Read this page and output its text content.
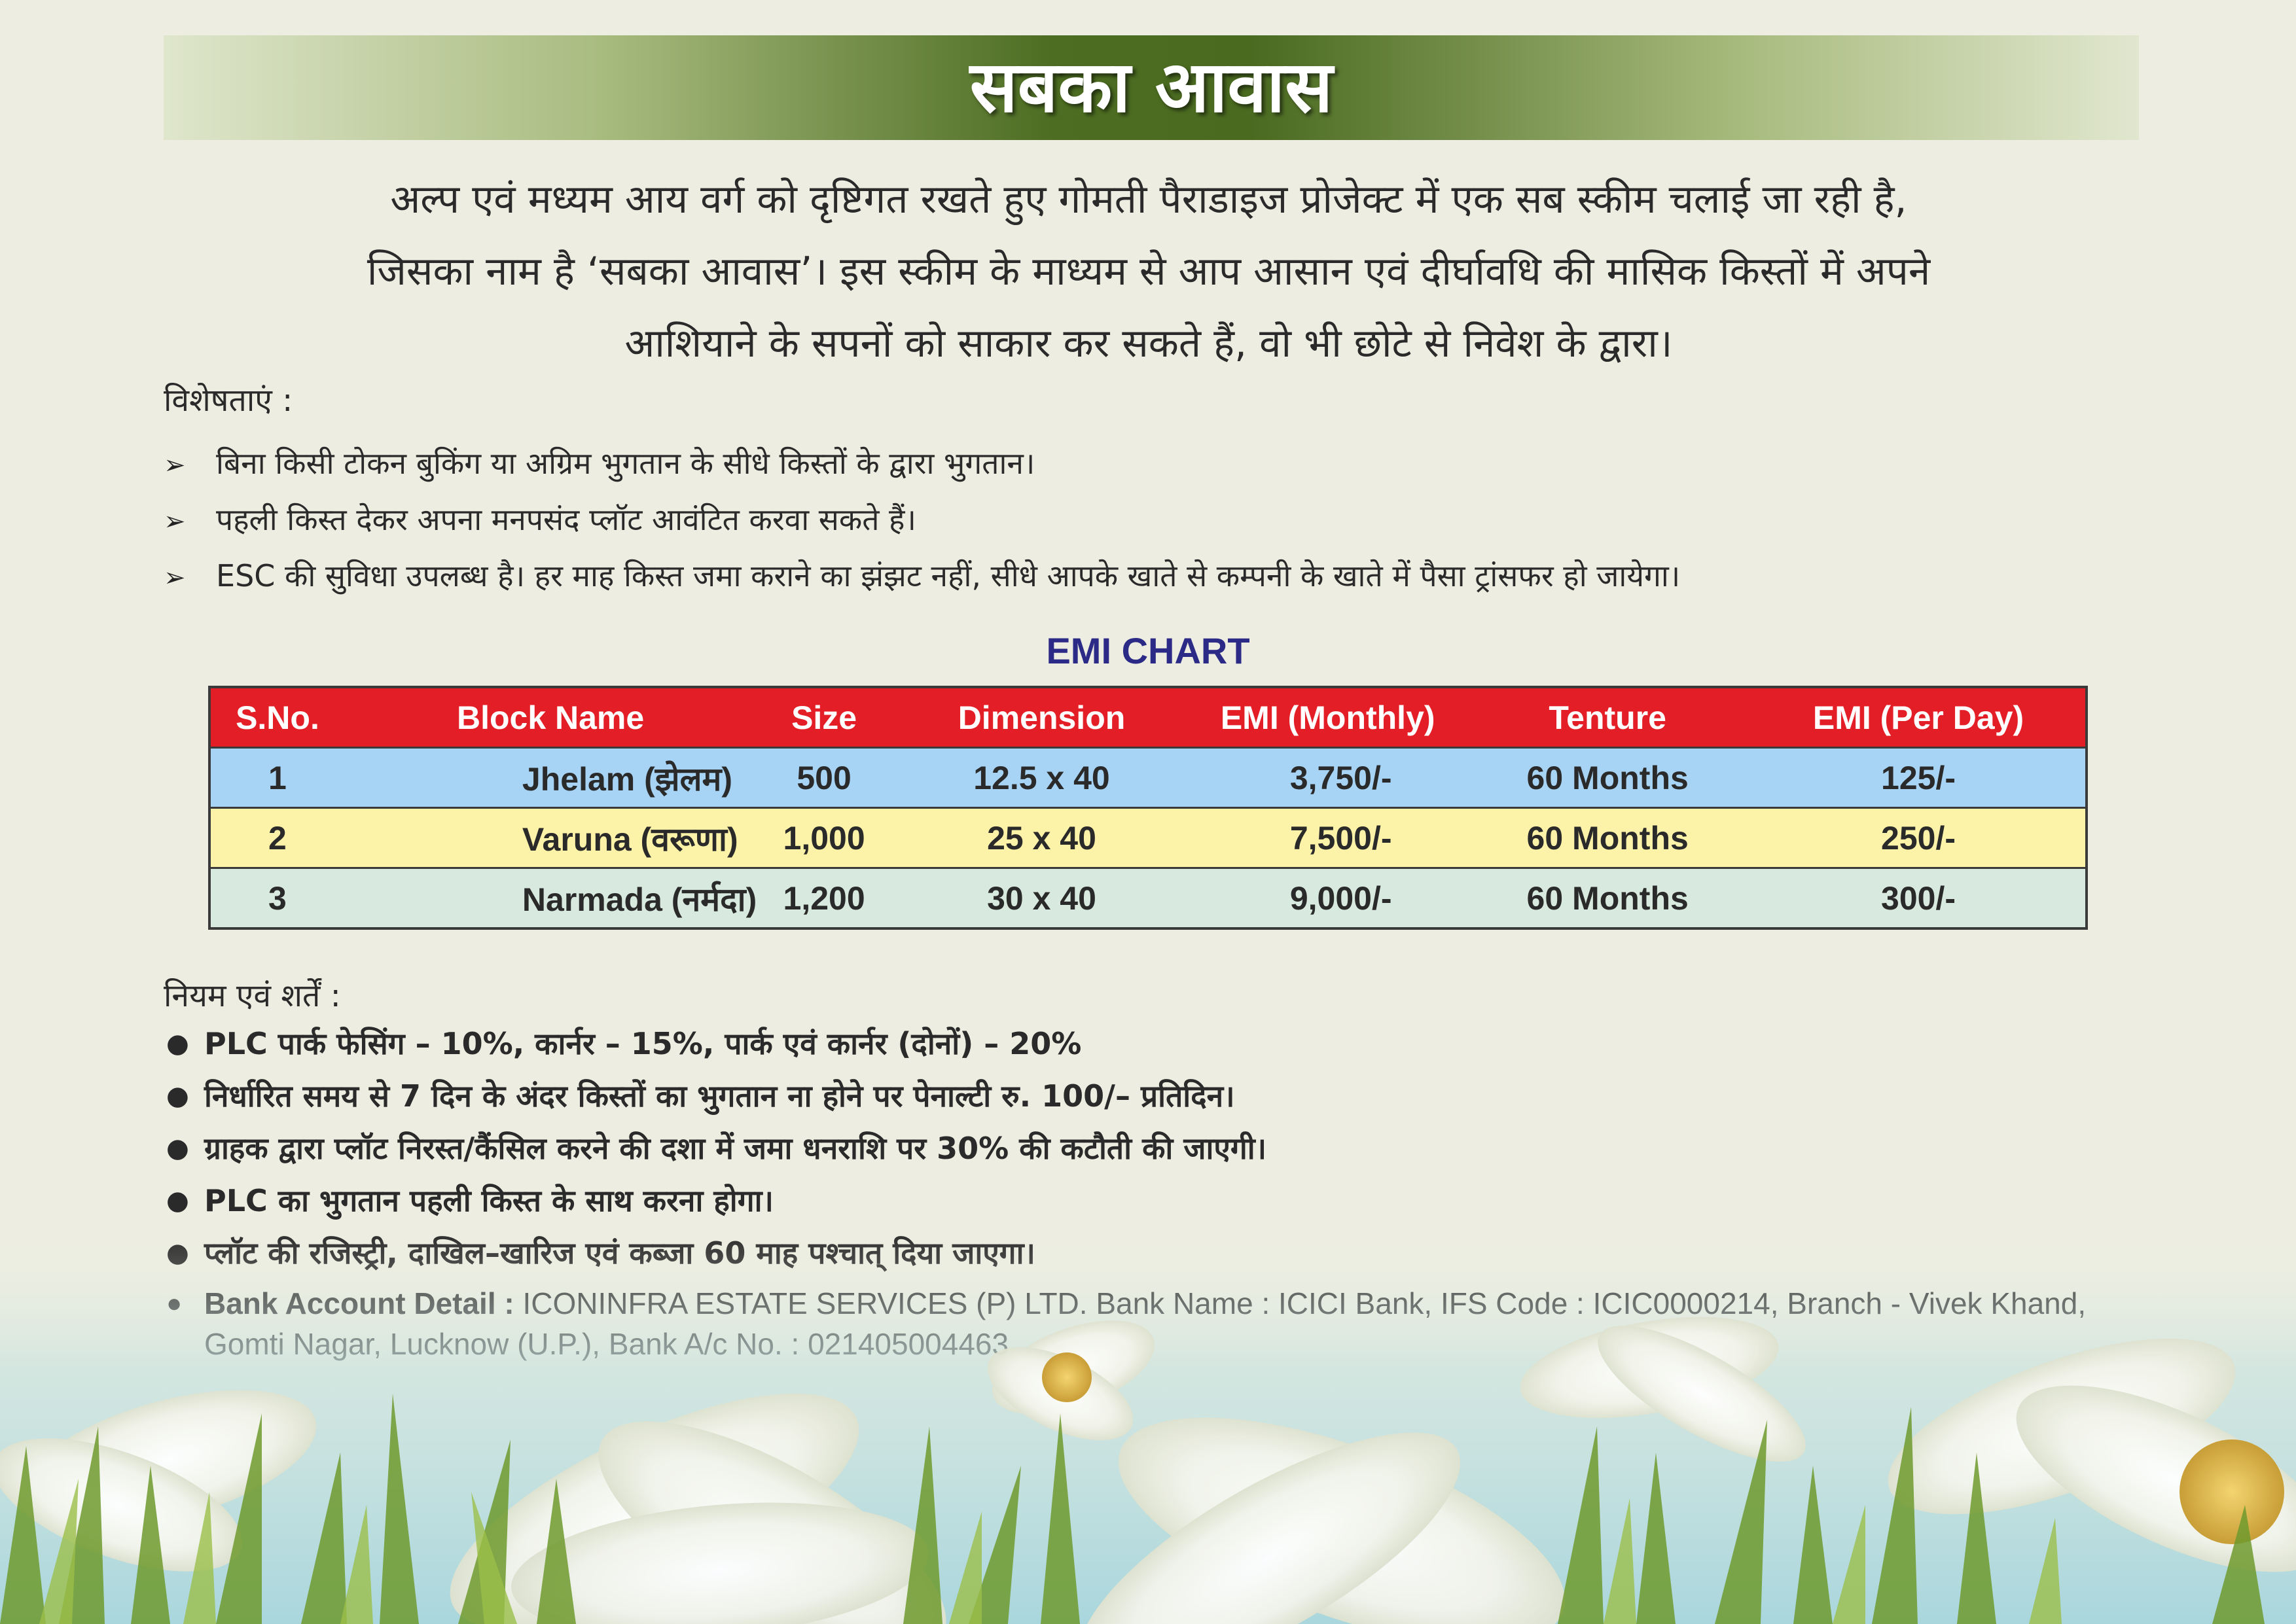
सबका आवास
अल्प एवं मध्यम आय वर्ग को दृष्टिगत रखते हुए गोमती पैराडाइज प्रोजेक्ट में एक सब स्कीम चलाई जा रही है,
जिसका नाम है ‘सबका आवास’। इस स्कीम के माध्यम से आप आसान एवं दीर्घावधि की मासिक किस्तों में अपने
आशियाने के सपनों को साकार कर सकते हैं, वो भी छोटे से निवेश के द्वारा।
विशेषताएं :
➢ बिना किसी टोकन बुकिंग या अग्रिम भुगतान के सीधे किस्तों के द्वारा भुगतान।
➢ पहली किस्त देकर अपना मनपसंद प्लॉट आवंटित करवा सकते हैं।
➢ ESC की सुविधा उपलब्ध है। हर माह किस्त जमा कराने का झंझट नहीं, सीधे आपके खाते से कम्पनी के खाते में पैसा ट्रांसफर हो जायेगा।
EMI CHART
S.No.	Block Name	Size	Dimension	EMI (Monthly)	Tenture	EMI (Per Day)
1	Jhelam (झेलम)	500	12.5 x 40	3,750/-	60 Months	125/-
2	Varuna (वरूणा)	1,000	25 x 40	7,500/-	60 Months	250/-
3	Narmada (नर्मदा)	1,200	30 x 40	9,000/-	60 Months	300/-
नियम एवं शर्तें :
● PLC पार्क फेसिंग – 10%, कार्नर – 15%, पार्क एवं कार्नर (दोनों) – 20%
● निर्धारित समय से 7 दिन के अंदर किस्तों का भुगतान ना होने पर पेनाल्टी रु. 100/– प्रतिदिन।
● ग्राहक द्वारा प्लॉट निरस्त/कैंसिल करने की दशा में जमा धनराशि पर 30% की कटौती की जाएगी।
● PLC का भुगतान पहली किस्त के साथ करना होगा।
